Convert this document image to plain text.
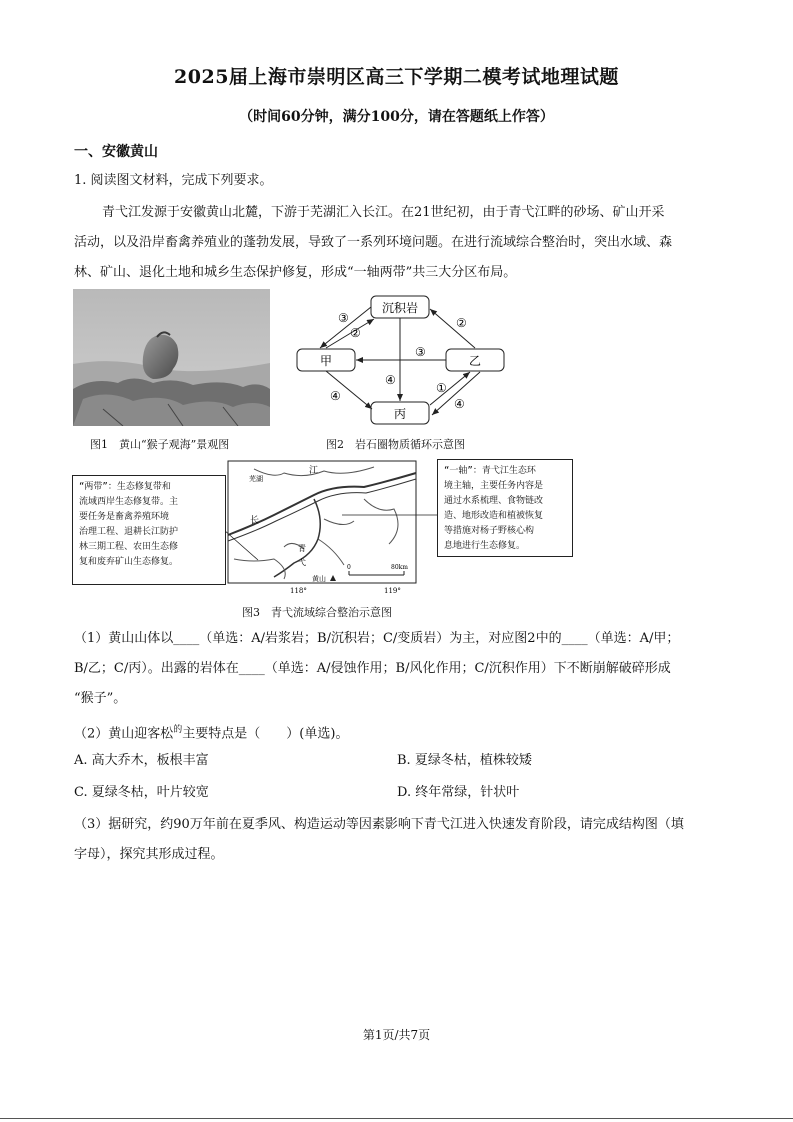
2025届上海市崇明区高三下学期二模考试地理试题
（时间60分钟，满分100分，请在答题纸上作答）
一、安徽黄山
1. 阅读图文材料，完成下列要求。
青弋江发源于安徽黄山北麓，下游于芜湖汇入长江。在21世纪初，由于青弋江畔的砂场、矿山开采
活动，以及沿岸畜禽养殖业的蓬勃发展，导致了一系列环境问题。在进行流域综合整治时，突出水域、森
林、矿山、退化土地和城乡生态保护修复，形成“一轴两带”共三大分区布局。
图1　黄山“猴子观海”景观图
沉积岩
甲	乙
丙
③
②
②
③
④
④
①
④
图2　岩石圈物质循环示意图
0	80km
芜湖
江
长
青
弋
黄山
118°	119°
“两带”：生态修复带和
流域西岸生态修复带。主
要任务是畜禽养殖环境
治理工程、退耕长江防护
林三期工程、农田生态修
复和废弃矿山生态修复。
“一轴”：青弋江生态环
境主轴，主要任务内容是
通过水系梳理、食物链改
造、地形改造和植被恢复
等措施对杨子野核心构
息地进行生态修复。
图3　青弋流域综合整治示意图
（1）黄山山体以____（单选：A/岩浆岩；B/沉积岩；C/变质岩）为主，对应图2中的____（单选：A/甲；
B/乙；C/丙）。出露的岩体在____（单选：A/侵蚀作用；B/风化作用；C/沉积作用）下不断崩解破碎形成
“猴子”。
（2）黄山迎客松$^的$主要特点是（　　）(单选)。
A. 高大乔木，板根丰富	B. 夏绿冬枯，植株较矮
C. 夏绿冬枯，叶片较宽	D. 终年常绿，针状叶
（3）据研究，约90万年前在夏季风、构造运动等因素影响下青弋江进入快速发育阶段，请完成结构图（填
字母），探究其形成过程。
第1页/共7页
